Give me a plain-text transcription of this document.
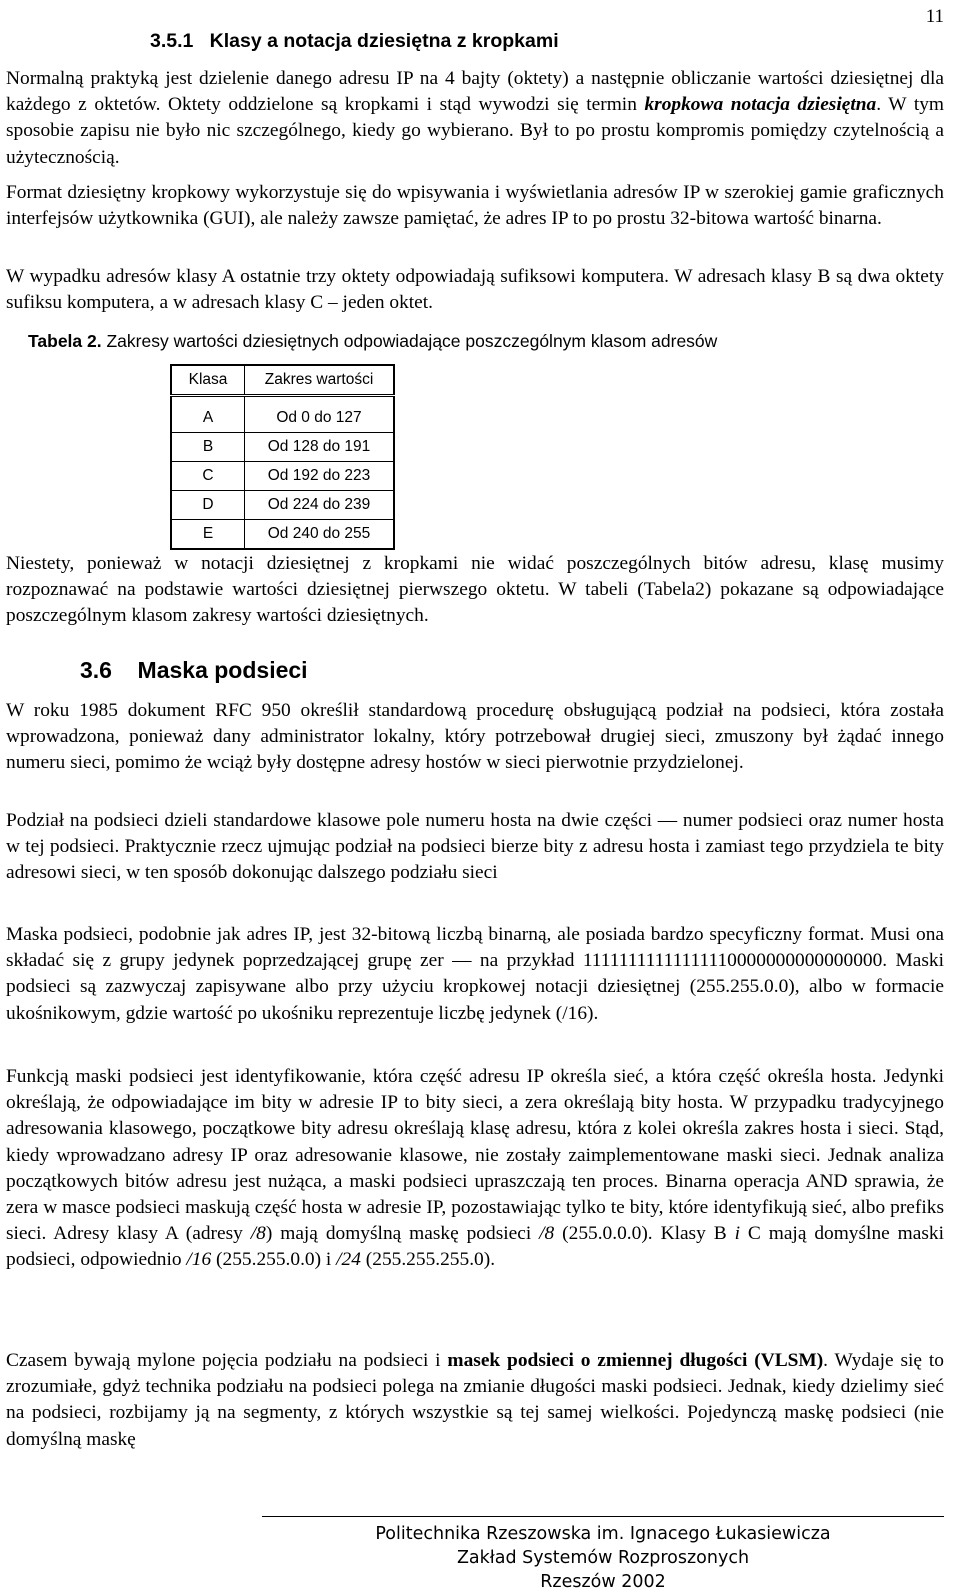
11
3.5.1 Klasy a notacja dziesiętna z kropkami

Normalną praktyką jest dzielenie danego adresu IP na 4 bajty (oktety) a następnie obliczanie wartości dziesiętnej dla każdego z oktetów. Oktety oddzielone są kropkami i stąd wywodzi się termin kropkowa notacja dziesiętna. W tym sposobie zapisu nie było nic szczególnego, kiedy go wybierano. Był to po prostu kompromis pomiędzy czytelnością a użytecznością.

Format dziesiętny kropkowy wykorzystuje się do wpisywania i wyświetlania adresów IP w szerokiej gamie graficznych interfejsów użytkownika (GUI), ale należy zawsze pamiętać, że adres IP to po prostu 32-bitowa wartość binarna.

W wypadku adresów klasy A ostatnie trzy oktety odpowiadają sufiksowi komputera. W adresach klasy B są dwa oktety sufiksu komputera, a w adresach klasy C – jeden oktet.

Tabela 2. Zakresy wartości dziesiętnych odpowiadające poszczególnym klasom adresów
Klasa	Zakres wartości

A	Od 0 do 127
B	Od 128 do 191
C	Od 192 do 223
D	Od 224 do 239
E	Od 240 do 255

Niestety, ponieważ w notacji dziesiętnej z kropkami nie widać poszczególnych bitów adresu, klasę musimy rozpoznawać na podstawie wartości dziesiętnej pierwszego oktetu. W tabeli (Tabela2) pokazane są odpowiadające poszczególnym klasom zakresy wartości dziesiętnych.

3.6 Maska podsieci

W roku 1985 dokument RFC 950 określił standardową procedurę obsługującą podział na podsieci, która została wprowadzona, ponieważ dany administrator lokalny, który potrzebował drugiej sieci, zmuszony był żądać innego numeru sieci, pomimo że wciąż były dostępne adresy hostów w sieci pierwotnie przydzielonej.

Podział na podsieci dzieli standardowe klasowe pole numeru hosta na dwie części — numer podsieci oraz numer hosta w tej podsieci. Praktycznie rzecz ujmując podział na podsieci bierze bity z adresu hosta i zamiast tego przydziela te bity adresowi sieci, w ten sposób dokonując dalszego podziału sieci

Maska podsieci, podobnie jak adres IP, jest 32-bitową liczbą binarną, ale posiada bardzo specyficzny format. Musi ona składać się z grupy jedynek poprzedzającej grupę zer — na przykład 11111111111111110000000000000000. Maski podsieci są zazwyczaj zapisywane albo przy użyciu kropkowej notacji dziesiętnej (255.255.0.0), albo w formacie ukośnikowym, gdzie wartość po ukośniku reprezentuje liczbę jedynek (/16).

Funkcją maski podsieci jest identyfikowanie, która część adresu IP określa sieć, a która część określa hosta. Jedynki określają, że odpowiadające im bity w adresie IP to bity sieci, a zera określają bity hosta. W przypadku tradycyjnego adresowania klasowego, początkowe bity adresu określają klasę adresu, która z kolei określa zakres hosta i sieci. Stąd, kiedy wprowadzano adresy IP oraz adresowanie klasowe, nie zostały zaimplementowane maski sieci. Jednak analiza początkowych bitów adresu jest nużąca, a maski podsieci upraszczają ten proces. Binarna operacja AND sprawia, że zera w masce podsieci maskują część hosta w adresie IP, pozostawiając tylko te bity, które identyfikują sieć, albo prefiks sieci. Adresy klasy A (adresy /8) mają domyślną maskę podsieci /8 (255.0.0.0). Klasy B i C mają domyślne maski podsieci, odpowiednio /16 (255.255.0.0) i /24 (255.255.255.0).

Czasem bywają mylone pojęcia podziału na podsieci i masek podsieci o zmiennej długości (VLSM). Wydaje się to zrozumiałe, gdyż technika podziału na podsieci polega na zmianie długości maski podsieci. Jednak, kiedy dzielimy sieć na podsieci, rozbijamy ją na segmenty, z których wszystkie są tej samej wielkości. Pojedynczą maskę podsieci (nie domyślną maskę

Politechnika Rzeszowska im. Ignacego Łukasiewicza
Zakład Systemów Rozproszonych
Rzeszów 2002
